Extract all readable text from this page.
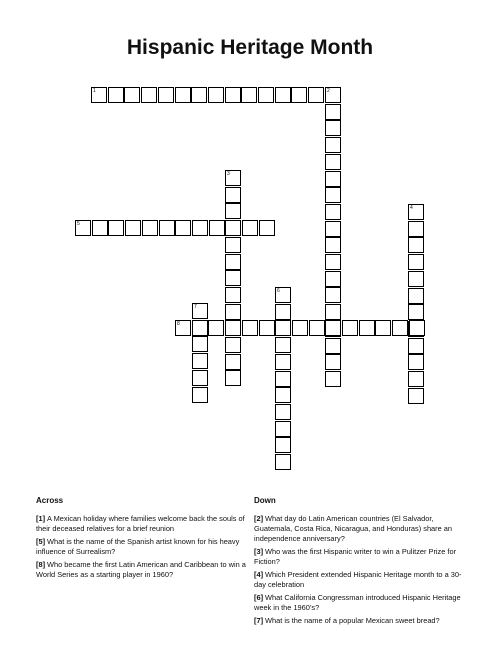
Hispanic Heritage Month
1	2
3
4
5
6
7
8
Across	Down
[1] A Mexican holiday where families welcome back the souls of their deceased relatives for a brief reunion
[5] What is the name of the Spanish artist known for his heavy influence of Surrealism?
[8] Who became the first Latin American and Caribbean to win a World Series as a starting player in 1960?
[2] What day do Latin American countries (El Salvador, Guatemala, Costa Rica, Nicaragua, and Honduras) share an independence anniversary?
[3] Who was the first Hispanic writer to win a Pulitzer Prize for Fiction?
[4] Which President extended Hispanic Heritage month to a 30-day celebration
[6] What California Congressman introduced Hispanic Heritage week in the 1960’s?
[7] What is the name of a popular Mexican sweet bread?
